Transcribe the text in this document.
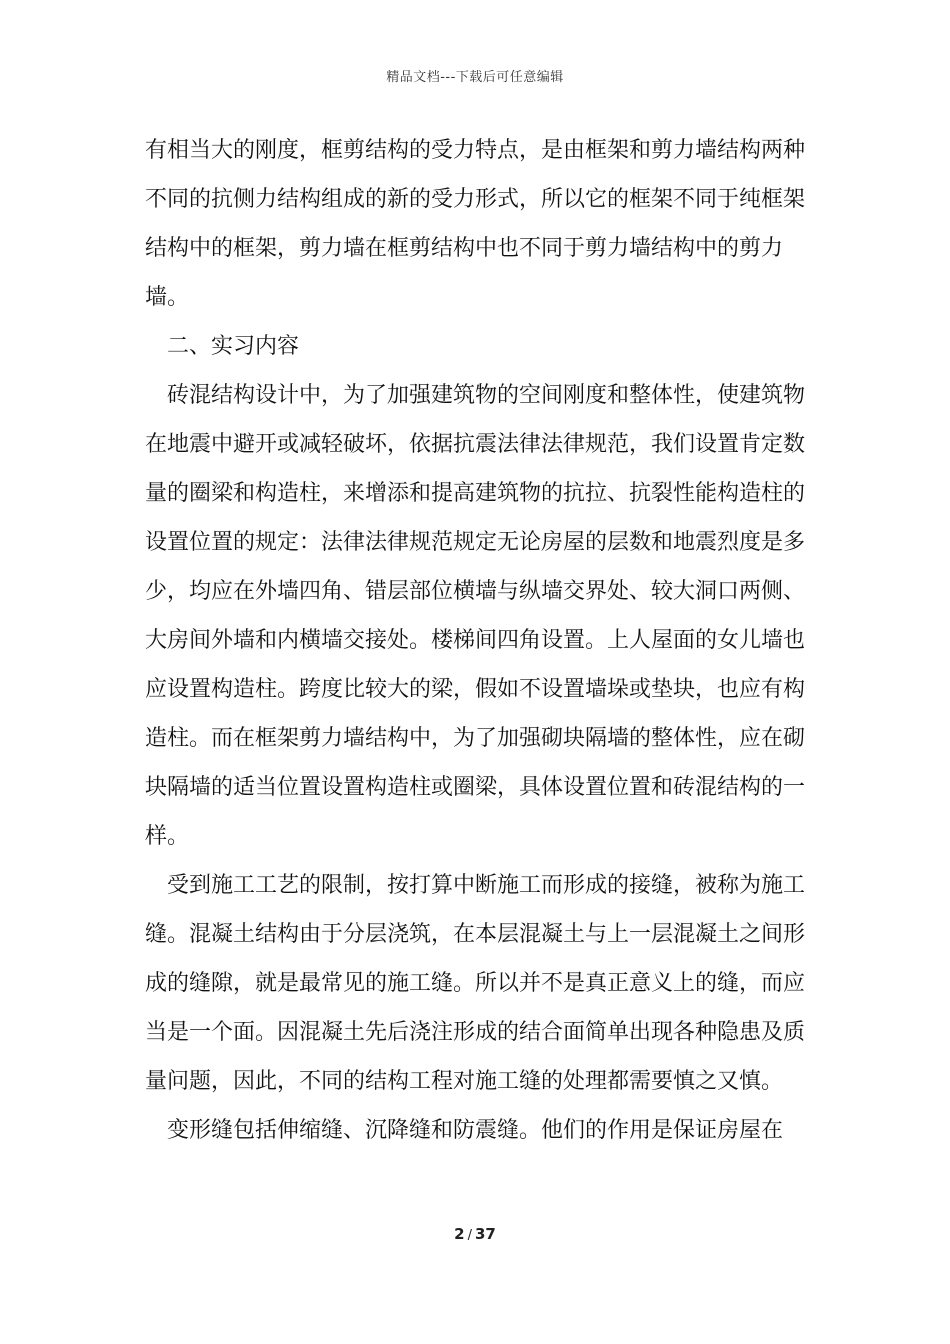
精品文档---下载后可任意编辑

有相当大的刚度，框剪结构的受力特点，是由框架和剪力墙结构两种不同的抗侧力结构组成的新的受力形式，所以它的框架不同于纯框架结构中的框架，剪力墙在框剪结构中也不同于剪力墙结构中的剪力墙。

二、实习内容

砖混结构设计中，为了加强建筑物的空间刚度和整体性，使建筑物在地震中避开或减轻破坏，依据抗震法律法律规范，我们设置肯定数量的圈梁和构造柱，来增添和提高建筑物的抗拉、抗裂性能构造柱的设置位置的规定：法律法律规范规定无论房屋的层数和地震烈度是多少，均应在外墙四角、错层部位横墙与纵墙交界处、较大洞口两侧、大房间外墙和内横墙交接处。楼梯间四角设置。上人屋面的女儿墙也应设置构造柱。跨度比较大的梁，假如不设置墙垛或垫块，也应有构造柱。而在框架剪力墙结构中，为了加强砌块隔墙的整体性，应在砌块隔墙的适当位置设置构造柱或圈梁，具体设置位置和砖混结构的一样。

受到施工工艺的限制，按打算中断施工而形成的接缝，被称为施工缝。混凝土结构由于分层浇筑，在本层混凝土与上一层混凝土之间形成的缝隙，就是最常见的施工缝。所以并不是真正意义上的缝，而应当是一个面。因混凝土先后浇注形成的结合面简单出现各种隐患及质量问题，因此，不同的结构工程对施工缝的处理都需要慎之又慎。

变形缝包括伸缩缝、沉降缝和防震缝。他们的作用是保证房屋在

2 / 37
